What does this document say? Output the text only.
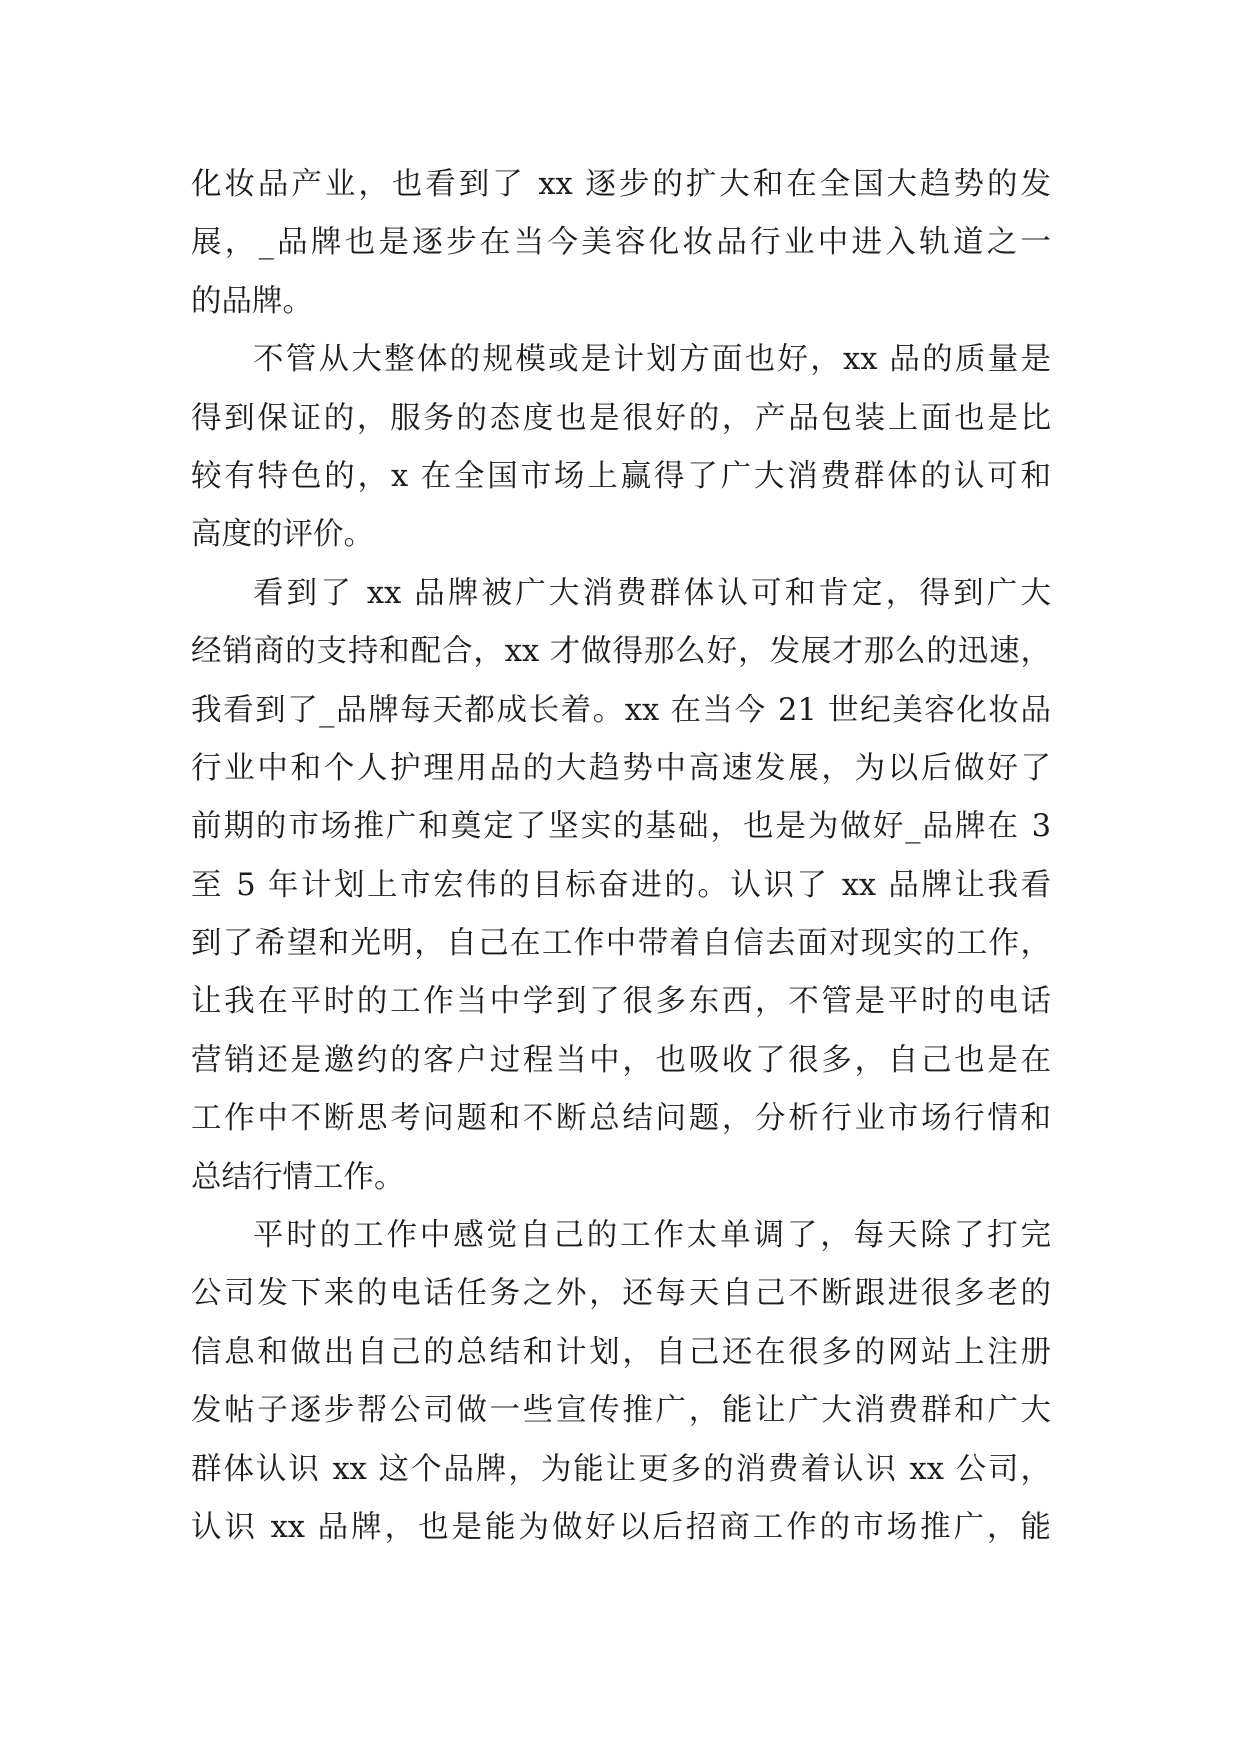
化妆品产业，也看到了 xx 逐步的扩大和在全国大趋势的发
展，_品牌也是逐步在当今美容化妆品行业中进入轨道之一
的品牌。

不管从大整体的规模或是计划方面也好，xx 品的质量是
得到保证的，服务的态度也是很好的，产品包装上面也是比
较有特色的，x 在全国市场上赢得了广大消费群体的认可和
高度的评价。

看到了 xx 品牌被广大消费群体认可和肯定，得到广大
经销商的支持和配合，xx 才做得那么好，发展才那么的迅速，
我看到了_品牌每天都成长着。xx 在当今 21 世纪美容化妆品
行业中和个人护理用品的大趋势中高速发展，为以后做好了
前期的市场推广和奠定了坚实的基础，也是为做好_品牌在 3
至 5 年计划上市宏伟的目标奋进的。认识了 xx 品牌让我看
到了希望和光明，自己在工作中带着自信去面对现实的工作，
让我在平时的工作当中学到了很多东西，不管是平时的电话
营销还是邀约的客户过程当中，也吸收了很多，自己也是在
工作中不断思考问题和不断总结问题，分析行业市场行情和
总结行情工作。

平时的工作中感觉自己的工作太单调了，每天除了打完
公司发下来的电话任务之外，还每天自己不断跟进很多老的
信息和做出自己的总结和计划，自己还在很多的网站上注册
发帖子逐步帮公司做一些宣传推广，能让广大消费群和广大
群体认识 xx 这个品牌，为能让更多的消费着认识 xx 公司，
认识 xx 品牌，也是能为做好以后招商工作的市场推广，能
